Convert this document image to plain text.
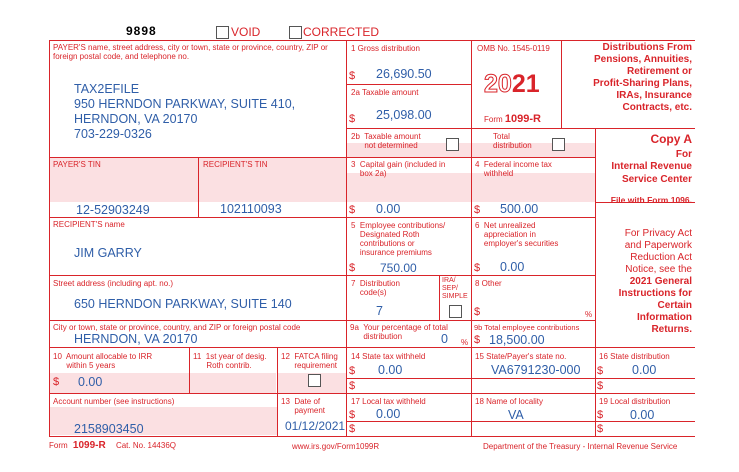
9898	VOID	CORRECTED
PAYER'S name, street address, city or town, state or province, country, ZIP or foreign postal code, and telephone no.
TAX2EFILE
950 HERNDON PARKWAY, SUITE 410,
HERNDON, VA 20170
703-229-0326
1 Gross distribution
$ 26,690.50
2a Taxable amount
$ 25,098.00
OMB No. 1545-0119
2021
Form 1099-R
Distributions From
Pensions, Annuities,
Retirement or
Profit-Sharing Plans,
IRAs, Insurance
Contracts, etc.
2b  Taxable amount
not determined
Total
distribution	Copy A
For
Internal Revenue
Service Center
File with Form 1096.
For Privacy Act
and Paperwork
Reduction Act
Notice, see the
2021 General
Instructions for
Certain
Information
Returns.
PAYER'S TIN
12-52903249
RECIPIENT'S TIN
102110093
3  Capital gain (included in
box 2a)
$ 0.00
4  Federal income tax
withheld
$ 500.00
RECIPIENT'S name
JIM GARRY
5  Employee contributions/
Designated Roth
contributions or
insurance premiums
$ 750.00
6  Net unrealized
appreciation in
employer's securities
$ 0.00
Street address (including apt. no.)
650 HERNDON PARKWAY, SUITE 140
7  Distribution
code(s)
7
IRA/
SEP/
SIMPLE
8 Other
$	%
City or town, state or province, country, and ZIP or foreign postal code
HERNDON, VA 20170
9a  Your percentage of total
distribution	0 %
9b Total employee contributions
$ 18,500.00
10  Amount allocable to IRR
within 5 years
$ 0.00
11  1st year of desig.
Roth contrib.
12  FATCA filing
requirement
14 State tax withheld
$ 0.00
$
15 State/Payer's state no.
VA6791230-000
16 State distribution
$ 0.00
$
Account number (see instructions)
2158903450
13  Date of
payment
01/12/2021
17 Local tax withheld
$ 0.00
$
18 Name of locality
VA
19 Local distribution
$ 0.00
$
Form 1099-R Cat. No. 14436Q	www.irs.gov/Form1099R	Department of the Treasury - Internal Revenue Service
